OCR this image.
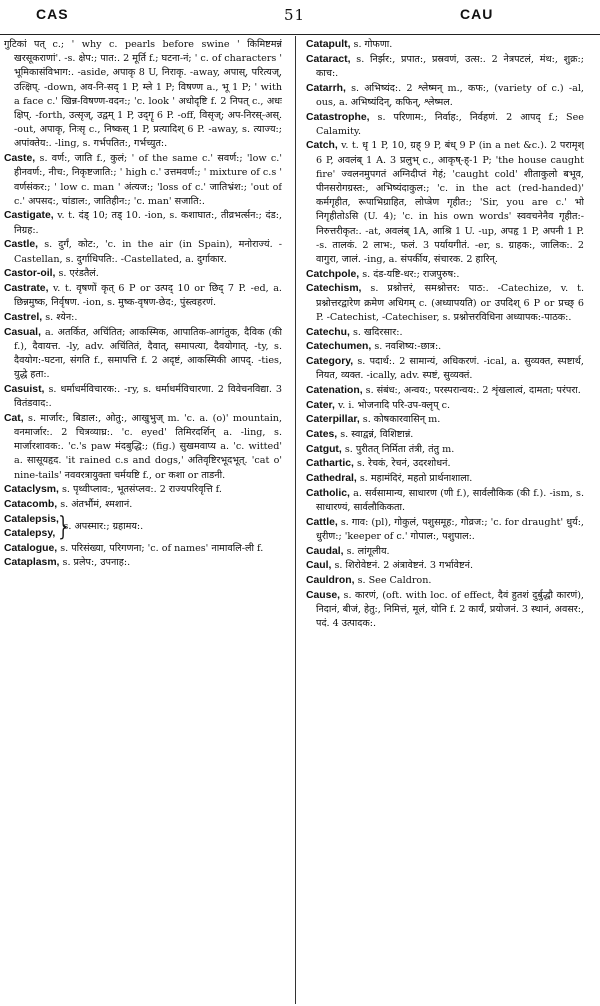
CAS	51	CAU
गुटिकां पत् c.; ' why c. pearls before swine ' किमिष्टमन्नं खरसूकराणां'. -s. क्षेप:; पात:. 2 मूर्ति f.; घटना-नं; ' c. of characters ' भूमिकासंविभाग:. -aside, अपाकृ 8 U, निराकृ. -away, अपास्, परित्यज्, उत्क्षिप्. -down, अव-नि-सद् 1 P, म्ले 1 P; विषण्ण a., भू 1 P; ' with a face c.' खिन्न-विषण्ण-वदन:; 'c. look ' अधोदृष्टि f. 2 निपत् c., अधः क्षिप्. -forth, उत्सृज्, उद्वम् 1 P, उद्गॄ 6 P. -off, विसृज्; अप-निरस्-अस्. -out, अपाकृ, निःसृ c., निष्कस् 1 P, प्रत्यादिश् 6 P. -away, s. त्याज्य:; अपांक्तेय:. -ling, s. गर्भपतित:, गर्भच्युत:.
Caste, s. वर्ण:, जाति f., कुलं; ' of the same c.' सवर्ण:; 'low c.' हीनवर्ण:, नीच:, निकृष्टजाति:; ' high c.' उत्तमवर्ण:; ' mixture of c.s ' वर्णसंकर:; ' low c. man ' अंत्यज:; 'loss of c.' जातिभ्रंश:; 'out of c.' अपसद:, चांडाल:, जातिहीन:; 'c. man' सजाति:.
Castigate, v. t. दंड् 10; तड् 10. -ion, s. कशाघात:, तीव्रभर्त्सन:; दंड:, निग्रह:.
Castle, s. दुर्गं, कोट:, 'c. in the air (in Spain), मनोराज्यं. -Castellan, s. दुर्गाधिपति:. -Castellated, a. दुर्गाकार.
Castor-oil, s. एरंडतैलं.
Castrate, v. t. वृषणों कृत् 6 P or उत्पद् 10 or छिद् 7 P. -ed, a. छिन्नमुष्क, निर्वृषण. -ion, s. मुष्क-वृषण-छेद:, पुंस्त्वहरणं.
Castrel, s. श्येन:.
Casual, a. अतर्कित, अचिंतित; आकस्मिक, आपातिक-आगंतुक, दैविक (की f.), दैवायत्त. -ly, adv. अचिंतितं, दैवात्, समापत्या, दैवयोगात्. -ty, s. दैवयोग:-घटना, संगति f., समापत्ति f. 2 अदृष्टं, आकस्मिकी आपद्. -ties, युद्धे हता:.
Casuist, s. धर्माधर्मविचारक:. -ry, s. धर्माधर्मविचारणा. 2 विवेचनविद्या. 3 वितंडवाद:.
Cat, s. मार्जार:, बिडाल:, ओतु:, आखुभुज् m. 'c. a. (o)' mountain, वनमार्जार:. 2 चित्रव्याघ्र:. 'c. eyed' तिमिरदर्शिन् a. -ling, s. मार्जारशावक:. 'c.'s paw मंदबुद्धि:; (fig.) सुखमवाप्य a. 'c. witted' a. सासूयहृद. 'it rained c.s and dogs,' अतिवृष्टिरभूदभूत्. 'cat o' nine-tails' नववरत्रायुक्ता चर्मयष्टि f., or कशा or ताडनी.
Cataclysm, s. पृथ्वीप्लाव:, भूतसंप्लव:. 2 राज्यपरिवृत्ति f.
Catacomb, s. अंतर्भौमं, श्मशानं.
Catalepsis,
Catalepsy, }
s. अपस्मार:; ग्रहामय:.
Catalogue, s. परिसंख्या, परिगणना; 'c. of names' नामावलि-ली f.
Cataplasm, s. प्रलेप:, उपनाह:.
Catapult, s. गोफणा.
Cataract, s. निर्झर:, प्रपात:, प्रस्रवणं, उत्स:. 2 नेत्रपटलं, मंथ:, शुक्र:; काच:.
Catarrh, s. अभिष्यंद:. 2 श्लेष्मन् m., कफ:, (variety of c.) -al, ous, a. अभिष्यंदिन्, कफिन्, श्लेष्मल.
Catastrophe, s. परिणाम:, निर्वाह:, निर्वहणं. 2 आपद् f.; See Calamity.
Catch, v. t. धृ 1 P, 10, ग्रह् 9 P, बंध् 9 P (in a net &c.). 2 परामृश् 6 P, अवलंब् 1 A. 3 प्रलुभ् c., आकृष्-ह्-1 P; 'the house caught fire' ज्वलनमुपगतं अग्निदीप्तं गेहं; 'caught cold' शीताकुलो बभूव, पीनसरोगग्रस्त:, अभिष्यंदाकुल:; 'c. in the act (red-handed)' कर्मगृहीत, रूपाभिग्राहित, लोप्त्रेण गृहीत:; 'Sir, you are c.' भो निगृहीतोऽसि (U. 4); 'c. in his own words' स्ववचनेनैव गृहीत:-निरुत्तरीकृत:. -at, अवलंब् 1A, आश्रि 1 U. -up, अपहृ 1 P, अपनी 1 P. -s. तालकं. 2 लाभ:, फलं. 3 पर्यायगीतं. -er, s. ग्राहक:, जालिक:. 2 वागुरा, जालं. -ing, a. संपर्कीय, संचारक. 2 हारिन्.
Catchpole, s. दंड-यष्टि-धर:; राजपुरुष:.
Catechism, s. प्रश्नोत्तरं, समश्नोत्तर: पाठ:. -Catechize, v. t. प्रश्नोत्तरद्वारेण क्रमेण अधिगम् c. (अध्यापयति) or उपदिश् 6 P or प्रच्छ् 6 P. -Catechist, -Catechiser, s. प्रश्नोत्तरविधिना अध्यापक:-पाठक:.
Catechu, s. खदिरसार:.
Catechumen, s. नवशिष्य:-छात्र:.
Category, s. पदार्थ:. 2 सामान्यं, अधिकरणं. -ical, a. सुव्यक्त, स्पष्टार्थ, नियत, व्यक्त. -ically, adv. स्पष्टं, सुव्यक्तं.
Catenation, s. संबंध:, अन्वय:, परस्परान्वय:. 2 शृंखलात्वं, दामता; परंपरा.
Cater, v. i. भोजनादि परि-उप-क्लृप् c.
Caterpillar, s. कोषकारवासिन् m.
Cates, s. स्वाद्वन्नं, विशिष्टान्नं.
Catgut, s. पुरीतत् निर्मिता तंत्री, तंतु m.
Cathartic, s. रेचकं, रेचनं, उदरशोधनं.
Cathedral, s. महामंदिरं, महतो प्रार्थनाशाला.
Catholic, a. सर्वसामान्य, साधारण (णी f.), सार्वलौकिक (की f.). -ism, s. साधारण्यं, सार्वलौकिकता.
Cattle, s. गाव: (pl), गोकुलं, पशुसमूह:, गोव्रज:; 'c. for draught' धुर्य:, धुरीण:; 'keeper of c.' गोपाल:, पशुपाल:.
Caudal, s. लांगूलीय.
Caul, s. शिरोवेष्टनं. 2 अंत्रावेष्टनं. 3 गर्भावेष्टनं.
Cauldron, s. See Caldron.
Cause, s. कारणं, (oft. with loc. of effect, दैवं हुतशं दुर्बुद्धौ कारणं), निदानं, बीजं, हेतु:, निमित्तं, मूलं, योनि f. 2 कार्यं, प्रयोजनं. 3 स्थानं, अवसर:, पदं. 4 उत्पादक:.
